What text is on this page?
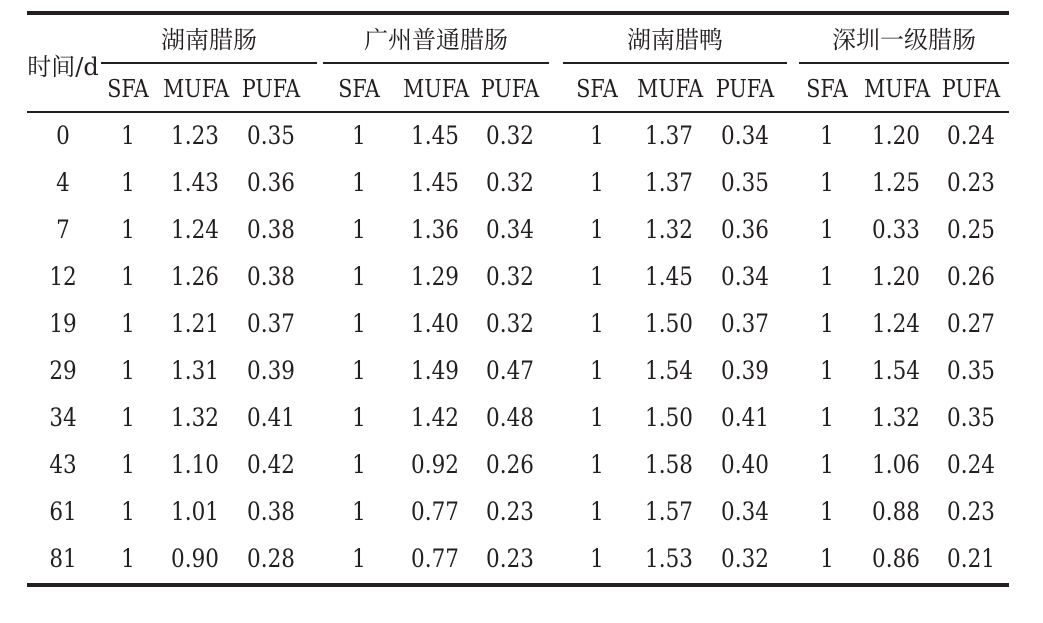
时间/d
湖南腊肠	广州普通腊肠	湖南腊鸭	深圳一级腊肠
SFA MUFA PUFA	SFA MUFA PUFA	SFA MUFA PUFA	SFA MUFA PUFA
0	1	1.23	0.35	1	1.45	0.32	1	1.37	0.34	1	1.20	0.24
4	1	1.43	0.36	1	1.45	0.32	1	1.37	0.35	1	1.25	0.23
7	1	1.24	0.38	1	1.36	0.34	1	1.32	0.36	1	0.33	0.25
12	1	1.26	0.38	1	1.29	0.32	1	1.45	0.34	1	1.20	0.26
19	1	1.21	0.37	1	1.40	0.32	1	1.50	0.37	1	1.24	0.27
29	1	1.31	0.39	1	1.49	0.47	1	1.54	0.39	1	1.54	0.35
34	1	1.32	0.41	1	1.42	0.48	1	1.50	0.41	1	1.32	0.35
43	1	1.10	0.42	1	0.92	0.26	1	1.58	0.40	1	1.06	0.24
61	1	1.01	0.38	1	0.77	0.23	1	1.57	0.34	1	0.88	0.23
81	1	0.90	0.28	1	0.77	0.23	1	1.53	0.32	1	0.86	0.21
